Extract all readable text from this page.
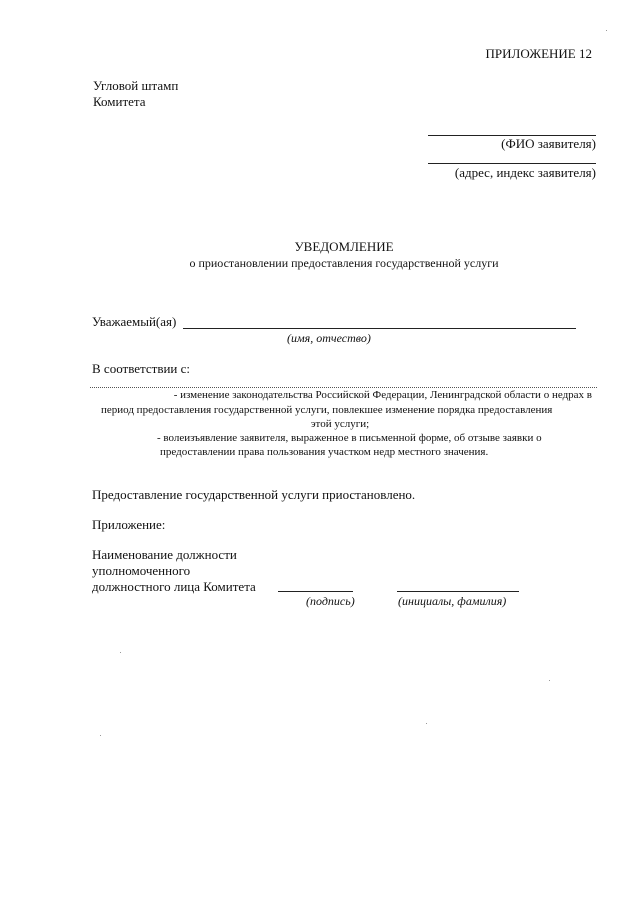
ПРИЛОЖЕНИЕ 12
Угловой штамп
Комитета
(ФИО заявителя)
(адрес, индекс заявителя)
УВЕДОМЛЕНИЕ
о приостановлении предоставления государственной услуги
Уважаемый(ая)
(имя, отчество)
В соответствии с:
- изменение законодательства Российской Федерации, Ленинградской области о недрах в
период предоставления государственной услуги, повлекшее изменение порядка предоставления
этой услуги;
- волеизъявление заявителя, выраженное в письменной форме, об отзыве заявки о
предоставлении права пользования участком недр местного значения.
Предоставление государственной услуги приостановлено.
Приложение:
Наименование должности
уполномоченного
должностного лица Комитета
(подпись)	(инициалы, фамилия)
